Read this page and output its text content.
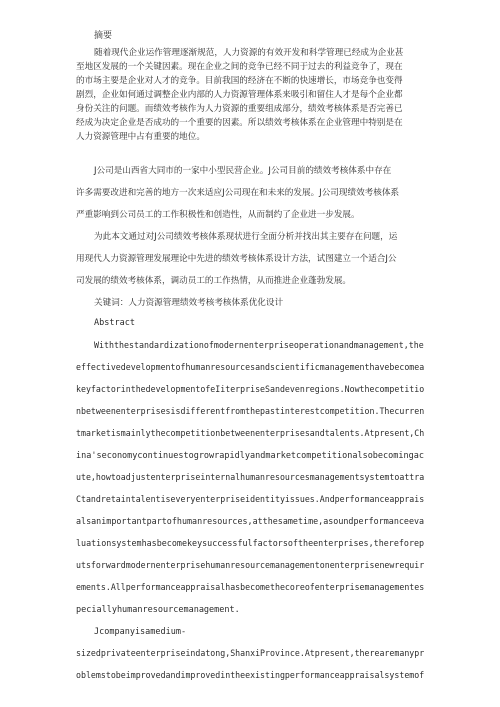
摘要
随着现代企业运作管理逐渐规范，人力资源的有效开发和科学管理已经成为企业甚
至地区发展的一个关键因素。现在企业之间的竞争已经不同于过去的利益竞争了，现在
的市场主要是企业对人才的竞争。目前我国的经济在不断的快速增长，市场竞争也变得
剧烈，企业如何通过调整企业内部的人力资源管理体系来吸引和留住人才是每个企业都
身份关注的问题。而绩效考核作为人力资源的重要组成部分，绩效考核体系是否完善已
经成为决定企业是否成功的一个重要的因素。所以绩效考核体系在企业管理中特别是在
人力资源管理中占有重要的地位。
J公司是山西省大同市的一家中小型民营企业。J公司目前的绩效考核体系中存在
许多需要改进和完善的地方一次来适应J公司现在和未来的发展。J公司现绩效考核体系
严重影响到公司员工的工作积极性和创造性，从而制约了企业进一步发展。
为此本文通过对J公司绩效考核体系现状进行全面分析并找出其主要存在问题，运
用现代人力资源管理发展理论中先进的绩效考核体系设计方法，试图建立一个适合J公
司发展的绩效考核体系，调动员工的工作热情，从而推进企业蓬勃发展。
关键词：人力资源管理绩效考核考核体系优化设计
Abstract
Withthestandardizationofmodernenterpriseoperationandmanagement,the
effectivedevelopmentofhumanresourcesandscientificmanagementhavebecomea
keyfactorinthedevelopmentofeIiterpriseSandevenregions.Nowthecompetitio
nbetweenenterprisesisdifferentfromthepastinterestcompetition.Thecurren
tmarketismainlythecompetitionbetweenenterprisesandtalents.Atpresent,Ch
ina'seconomycontinuestogrowrapidlyandmarketcompetitionalsobecomingac
ute,howtoadjustenterpriseinternalhumanresourcesmanagementsystemtoattra
Ctandretaintalentiseveryenterpriseidentityissues.Andperformanceapprais
alsanimportantpartofhumanresources,atthesametime,asoundperformanceeva
luationsystemhasbecomekeysuccessfulfactorsoftheenterprises,thereforep
utsforwardmodernenterprisehumanresourcemanagementonenterprisenewrequir
ements.Allperformanceappraisalhasbecomethecoreofenterprisemanagementes
peciallyhumanresourcemanagement.
Jcompanyisamedium-
sizedprivateenterpriseindatong,ShanxiProvince.Atpresent,therearemanypr
oblemstobeimprovedandimprovedintheexistingperformanceappraisalsystemof
